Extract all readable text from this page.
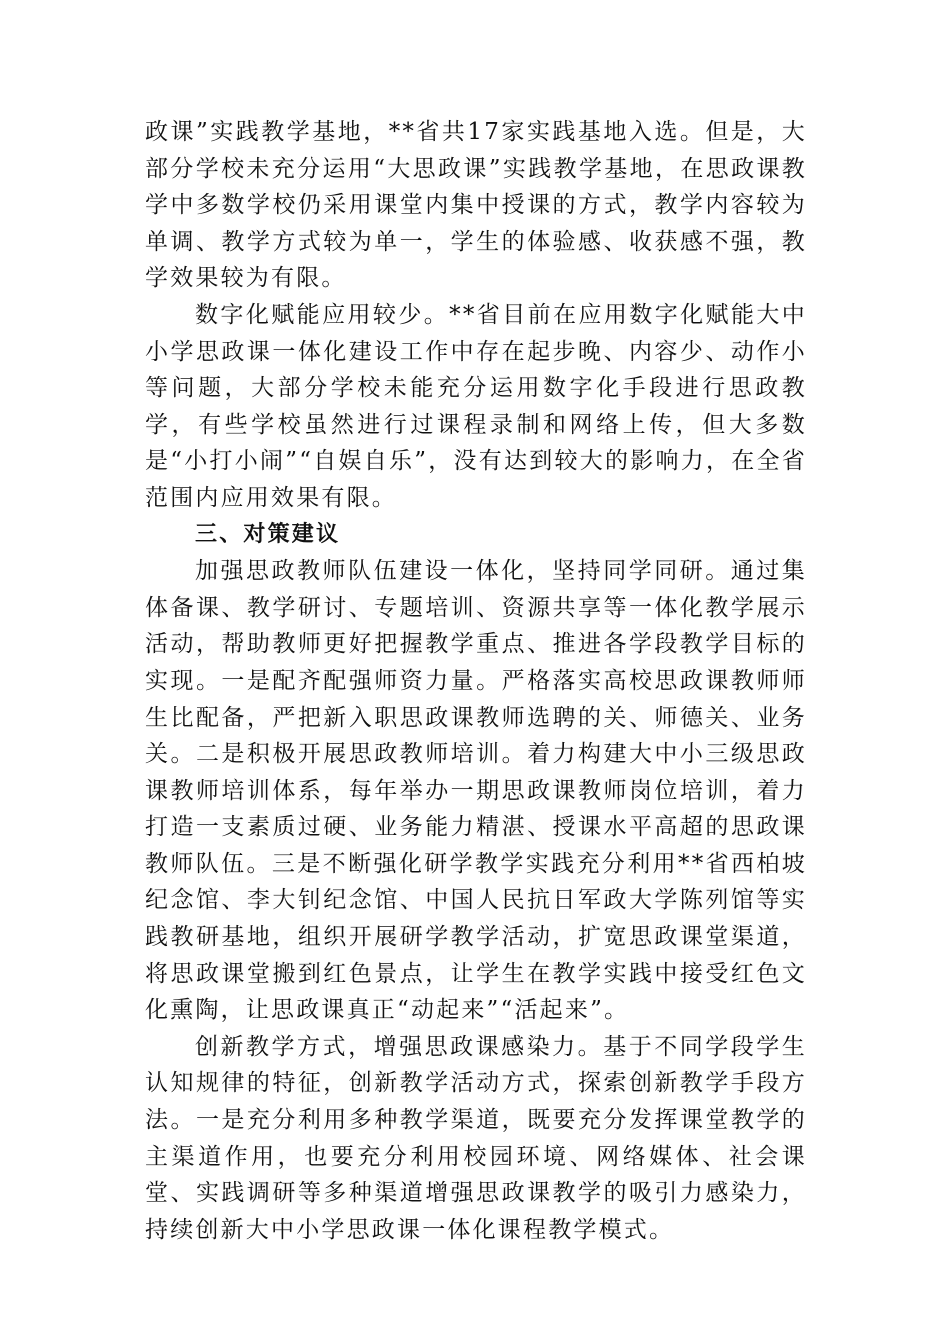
政课”实践教学基地，**省共17家实践基地入选。但是，大部分学校未充分运用“大思政课”实践教学基地，在思政课教学中多数学校仍采用课堂内集中授课的方式，教学内容较为单调、教学方式较为单一，学生的体验感、收获感不强，教学效果较为有限。

数字化赋能应用较少。**省目前在应用数字化赋能大中小学思政课一体化建设工作中存在起步晚、内容少、动作小等问题，大部分学校未能充分运用数字化手段进行思政教学，有些学校虽然进行过课程录制和网络上传，但大多数是“小打小闹”“自娱自乐”，没有达到较大的影响力，在全省范围内应用效果有限。

三、对策建议

加强思政教师队伍建设一体化，坚持同学同研。通过集体备课、教学研讨、专题培训、资源共享等一体化教学展示活动，帮助教师更好把握教学重点、推进各学段教学目标的实现。一是配齐配强师资力量。严格落实高校思政课教师师生比配备，严把新入职思政课教师选聘的关、师德关、业务关。二是积极开展思政教师培训。着力构建大中小三级思政课教师培训体系，每年举办一期思政课教师岗位培训，着力打造一支素质过硬、业务能力精湛、授课水平高超的思政课教师队伍。三是不断强化研学教学实践充分利用**省西柏坡纪念馆、李大钊纪念馆、中国人民抗日军政大学陈列馆等实践教研基地，组织开展研学教学活动，扩宽思政课堂渠道，将思政课堂搬到红色景点，让学生在教学实践中接受红色文化熏陶，让思政课真正“动起来”“活起来”。

创新教学方式，增强思政课感染力。基于不同学段学生认知规律的特征，创新教学活动方式，探索创新教学手段方法。一是充分利用多种教学渠道，既要充分发挥课堂教学的主渠道作用，也要充分利用校园环境、网络媒体、社会课堂、实践调研等多种渠道增强思政课教学的吸引力感染力，持续创新大中小学思政课一体化课程教学模式。
